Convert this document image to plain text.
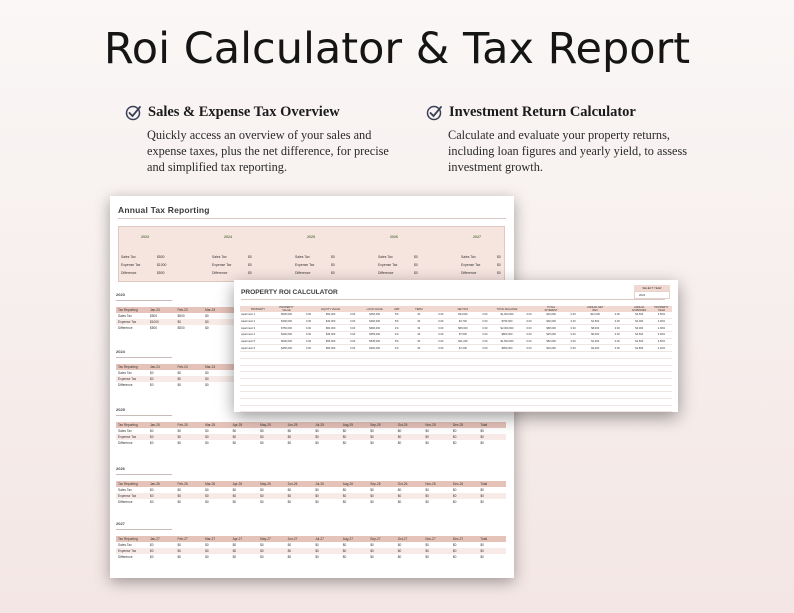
Roi Calculator & Tax Report
Sales & Expense Tax Overview
Quickly access an overview of your sales and expense taxes, plus the net difference, for precise and simplified tax reporting.
Investment Return Calculator
Calculate and evaluate your property returns, including loan figures and yearly yield, to assess investment growth.
Annual Tax Reporting
2023
Sales Tax	$500
Expense Tax	$1000
Difference	$500
2024
Sales Tax	$0
Expense Tax	$0
Difference	$0
2025
Sales Tax	$0
Expense Tax	$0
Difference	$0
2026
Sales Tax	$0
Expense Tax	$0
Difference	$0
2027
Sales Tax	$0
Expense Tax	$0
Difference	$0
2023
Tax Reporting	Jan-23	Feb-23	Mar-23										
Sales Tax	$500	$500	$0										
Expense Tax	$1000	$0	$0										
Difference	$500	$500	$0										
2024
Tax Reporting	Jan-24	Feb-24	Mar-24										
Sales Tax	$0	$0	$0										
Expense Tax	$0	$0	$0										
Difference	$0	$0	$0										
2025
Tax Reporting	Jan-25	Feb-25	Mar-25	Apr-25	May-25	Jun-25	Jul-25	Aug-25	Sep-25	Oct-25	Nov-25	Dec-25	Total
Sales Tax	$0	$0	$0	$0	$0	$0	$0	$0	$0	$0	$0	$0	$0
Expense Tax	$0	$0	$0	$0	$0	$0	$0	$0	$0	$0	$0	$0	$0
Difference	$0	$0	$0	$0	$0	$0	$0	$0	$0	$0	$0	$0	$0
2026
Tax Reporting	Jan-26	Feb-26	Mar-26	Apr-26	May-26	Jun-26	Jul-26	Aug-26	Sep-26	Oct-26	Nov-26	Dec-26	Total
Sales Tax	$0	$0	$0	$0	$0	$0	$0	$0	$0	$0	$0	$0	$0
Expense Tax	$0	$0	$0	$0	$0	$0	$0	$0	$0	$0	$0	$0	$0
Difference	$0	$0	$0	$0	$0	$0	$0	$0	$0	$0	$0	$0	$0
2027
Tax Reporting	Jan-27	Feb-27	Mar-27	Apr-27	May-27	Jun-27	Jul-27	Aug-27	Sep-27	Oct-27	Nov-27	Dec-27	Total
Sales Tax	$0	$0	$0	$0	$0	$0	$0	$0	$0	$0	$0	$0	$0
Expense Tax	$0	$0	$0	$0	$0	$0	$0	$0	$0	$0	$0	$0	$0
Difference	$0	$0	$0	$0	$0	$0	$0	$0	$0	$0	$0	$0	$0
PROPERTY ROI CALCULATOR
SELECT YEAR
2024
PROPERTY	PROPERTY VALUE		EQUITY VALUE		LOAN VALUE	APR	TERM		NET ROI		TOTAL BALANCE		TOTAL INTEREST		ANNUAL NET REV		ANNUAL EXPENSES	PROPERTY YIELD
Apartment 1	$500,000	0.00	$50,000	0.00	$450,000	5%	30	0.00	$34,600	0.00	$1,000,000	0.00	$34,600	0.00	$12,000	0.00	$4,500	3.50%
Apartment 2	$300,000	0.00	$40,000	0.00	$260,000	5%	30	0.00	$4,700	0.00	$750,000	0.00	$30,000	0.00	$1,500	0.00	$2,000	2.00%
Apartment 3	$750,000	0.00	$60,000	0.00	$690,000	4%	30	0.00	$68,000	0.00	$2,000,000	0.00	$68,000	0.00	$8,000	0.00	$3,000	4.00%
Apartment 4	$400,000	0.00	$45,000	0.00	$355,000	4%	30	0.00	$7,500	0.00	$800,000	0.00	$25,000	0.00	$6,000	0.00	$2,500	3.00%
Apartment 5	$600,000	0.00	$55,000	0.00	$545,000	5%	30	0.00	$21,000	0.00	$1,500,000	0.00	$50,000	0.00	$1,000	0.00	$1,500	2.50%
Apartment 6	$450,000	0.00	$50,000	0.00	$400,000	4%	30	0.00	$7,200	0.00	$950,000	0.00	$10,000	0.00	$2,000	0.00	$1,800	3.20%
